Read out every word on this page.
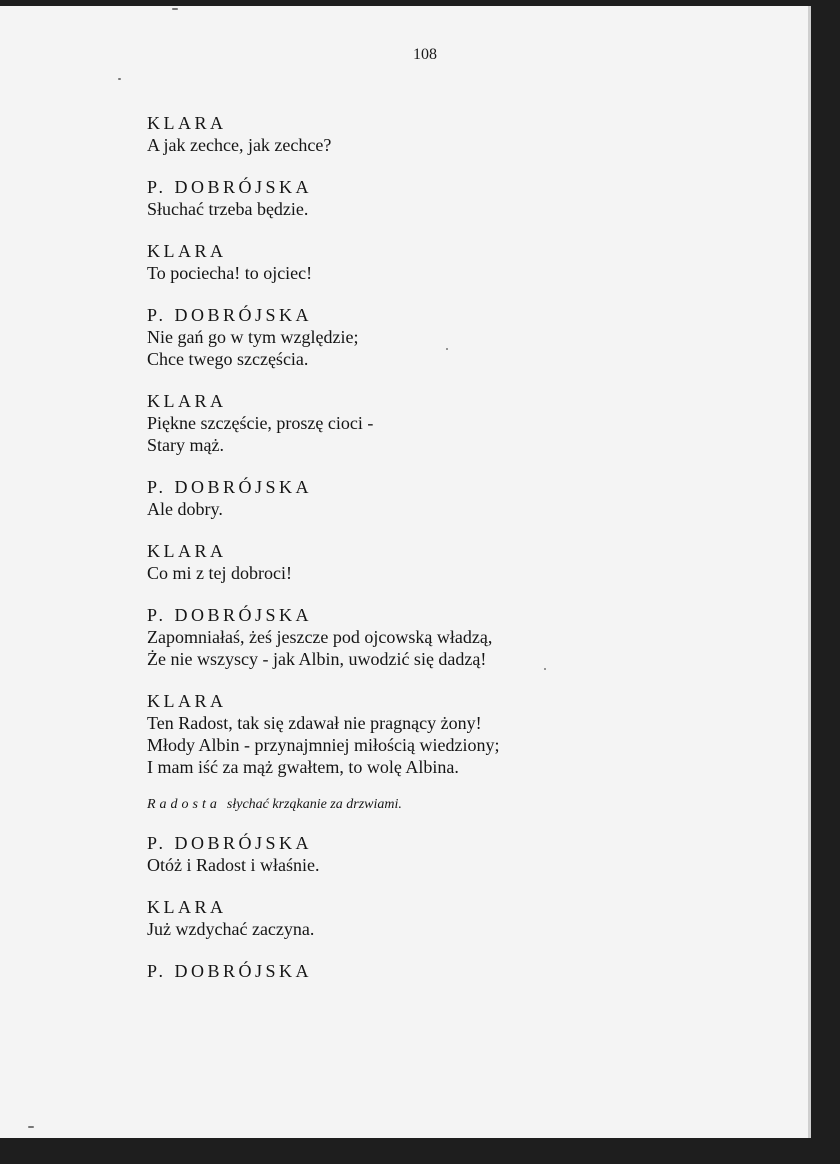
108
KLARA
A jak zechce, jak zechce?
P. DOBRÓJSKA
Słuchać trzeba będzie.
KLARA
To pociecha! to ojciec!
P. DOBRÓJSKA
Nie gań go w tym względzie;
Chce twego szczęścia.
KLARA
Piękne szczęście, proszę cioci -
Stary mąż.
P. DOBRÓJSKA
Ale dobry.
KLARA
Co mi z tej dobroci!
P. DOBRÓJSKA
Zapomniałaś, żeś jeszcze pod ojcowską władzą,
Że nie wszyscy - jak Albin, uwodzić się dadzą!
KLARA
Ten Radost, tak się zdawał nie pragnący żony!
Młody Albin - przynajmniej miłością wiedziony;
I mam iść za mąż gwałtem, to wolę Albina.
Radosta słychać krząkanie za drzwiami.
P. DOBRÓJSKA
Otóż i Radost i właśnie.
KLARA
Już wzdychać zaczyna.
P. DOBRÓJSKA
